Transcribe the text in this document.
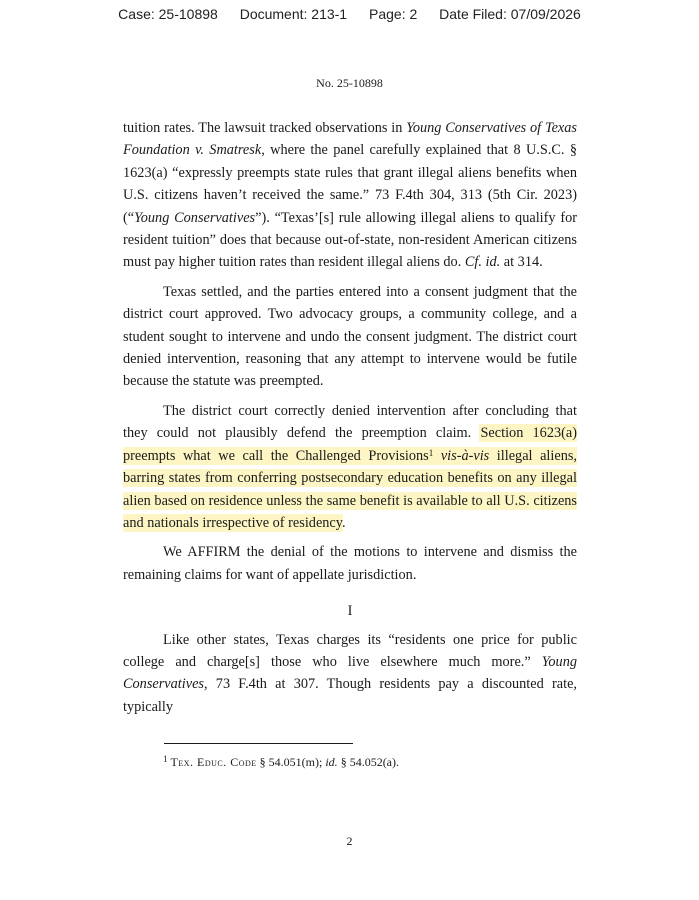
Case: 25-10898 Document: 213-1 Page: 2 Date Filed: 07/09/2026
No. 25-10898

tuition rates. The lawsuit tracked observations in Young Conservatives of Texas Foundation v. Smatresk, where the panel carefully explained that 8 U.S.C. § 1623(a) “expressly preempts state rules that grant illegal aliens benefits when U.S. citizens haven’t received the same.” 73 F.4th 304, 313 (5th Cir. 2023) (“Young Conservatives”). “Texas’[s] rule allowing illegal aliens to qualify for resident tuition” does that because out-of-state, non-resident American citizens must pay higher tuition rates than resident illegal aliens do. Cf. id. at 314.

Texas settled, and the parties entered into a consent judgment that the district court approved. Two advocacy groups, a community college, and a student sought to intervene and undo the consent judgment. The district court denied intervention, reasoning that any attempt to intervene would be futile because the statute was preempted.

The district court correctly denied intervention after concluding that they could not plausibly defend the preemption claim. Section 1623(a) preempts what we call the Challenged Provisions$^1$ vis-à-vis illegal aliens, barring states from conferring postsecondary education benefits on any illegal alien based on residence unless the same benefit is available to all U.S. citizens and nationals irrespective of residency.

We AFFIRM the denial of the motions to intervene and dismiss the remaining claims for want of appellate jurisdiction.

I

Like other states, Texas charges its “residents one price for public college and charge[s] those who live elsewhere much more.” Young Conservatives, 73 F.4th at 307. Though residents pay a discounted rate, typically

$^1$ Tex. Educ. Code § 54.051(m); id. § 54.052(a).
2
